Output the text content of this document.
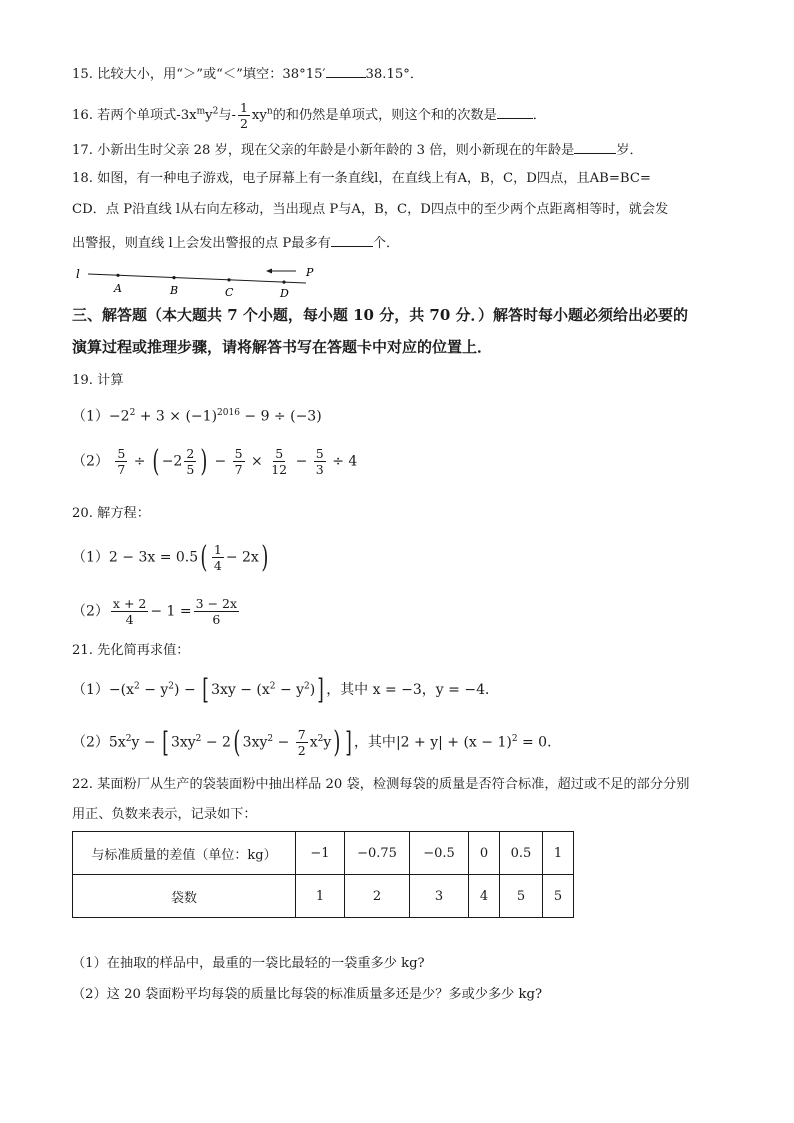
15. 比较大小，用“＞”或“＜”填空：38°15′	38.15°．
16. 若两个单项式$-3x^my^2$与- $\frac{1}{2} xy^n$的和仍然是单项式，则这个和的次数是	．
17. 小新出生时父亲 28 岁，现在父亲的年龄是小新年龄的 3 倍，则小新现在的年龄是	岁．
18. 如图，有一种电子游戏，电子屏幕上有一条直线l，在直线上有A，B，C，D四点，且AB=BC=
CD．点 P沿直线 l从右向左移动，当出现点 P与A，B，C，D四点中的至少两个点距离相等时，就会发
出警报，则直线 l上会发出警报的点 P最多有	个．
l
A	B	C	D
P
三、解答题（本大题共 7 个小题，每小题 10 分，共 70 分．）解答时每小题必须给出必要的
演算过程或推理步骤，请将解答书写在答题卡中对应的位置上．
19. 计算
$(1)-2^2 + 3 \times (-1)^{2016} - 9 \div (-3)$
$(2) \frac{5}{7}$ ÷ ( $-2 \frac{2}{5}$ ) − $\frac{5}{7} \times \frac{5}{12} - \frac{5}{3} \div 4$
20. 解方程：
$(1)2 - 3x = 0.5( \frac{1}{4} - 2x)$
$(2) \frac{x + 2}{4} - 1 = \frac{3 - 2x}{6}$
21. 先化简再求值：
$(1)-(x^2 - y^2)$ − [ $3xy - (x^2 - y^2)$] ，其中 x = −3，y = −4．
$(2)5x^2y$ − [ $3xy^2 - 2$( $3xy^2 - \frac{7}{2} x^2y$) ] ，其中$|2 + y| + (x - 1)^2 = 0$．
22. 某面粉厂从生产的袋装面粉中抽出样品 20 袋，检测每袋的质量是否符合标准，超过或不足的部分分别
用正、负数来表示，记录如下：
与标准质量的差值（单位：kg）	−1	−0.75	−0.5	0	0.5	1
袋数	1	2	3	4	5	5
（1）在抽取的样品中，最重的一袋比最轻的一袋重多少 kg?
（2）这 20 袋面粉平均每袋的质量比每袋的标准质量多还是少？多或少多少 kg?
